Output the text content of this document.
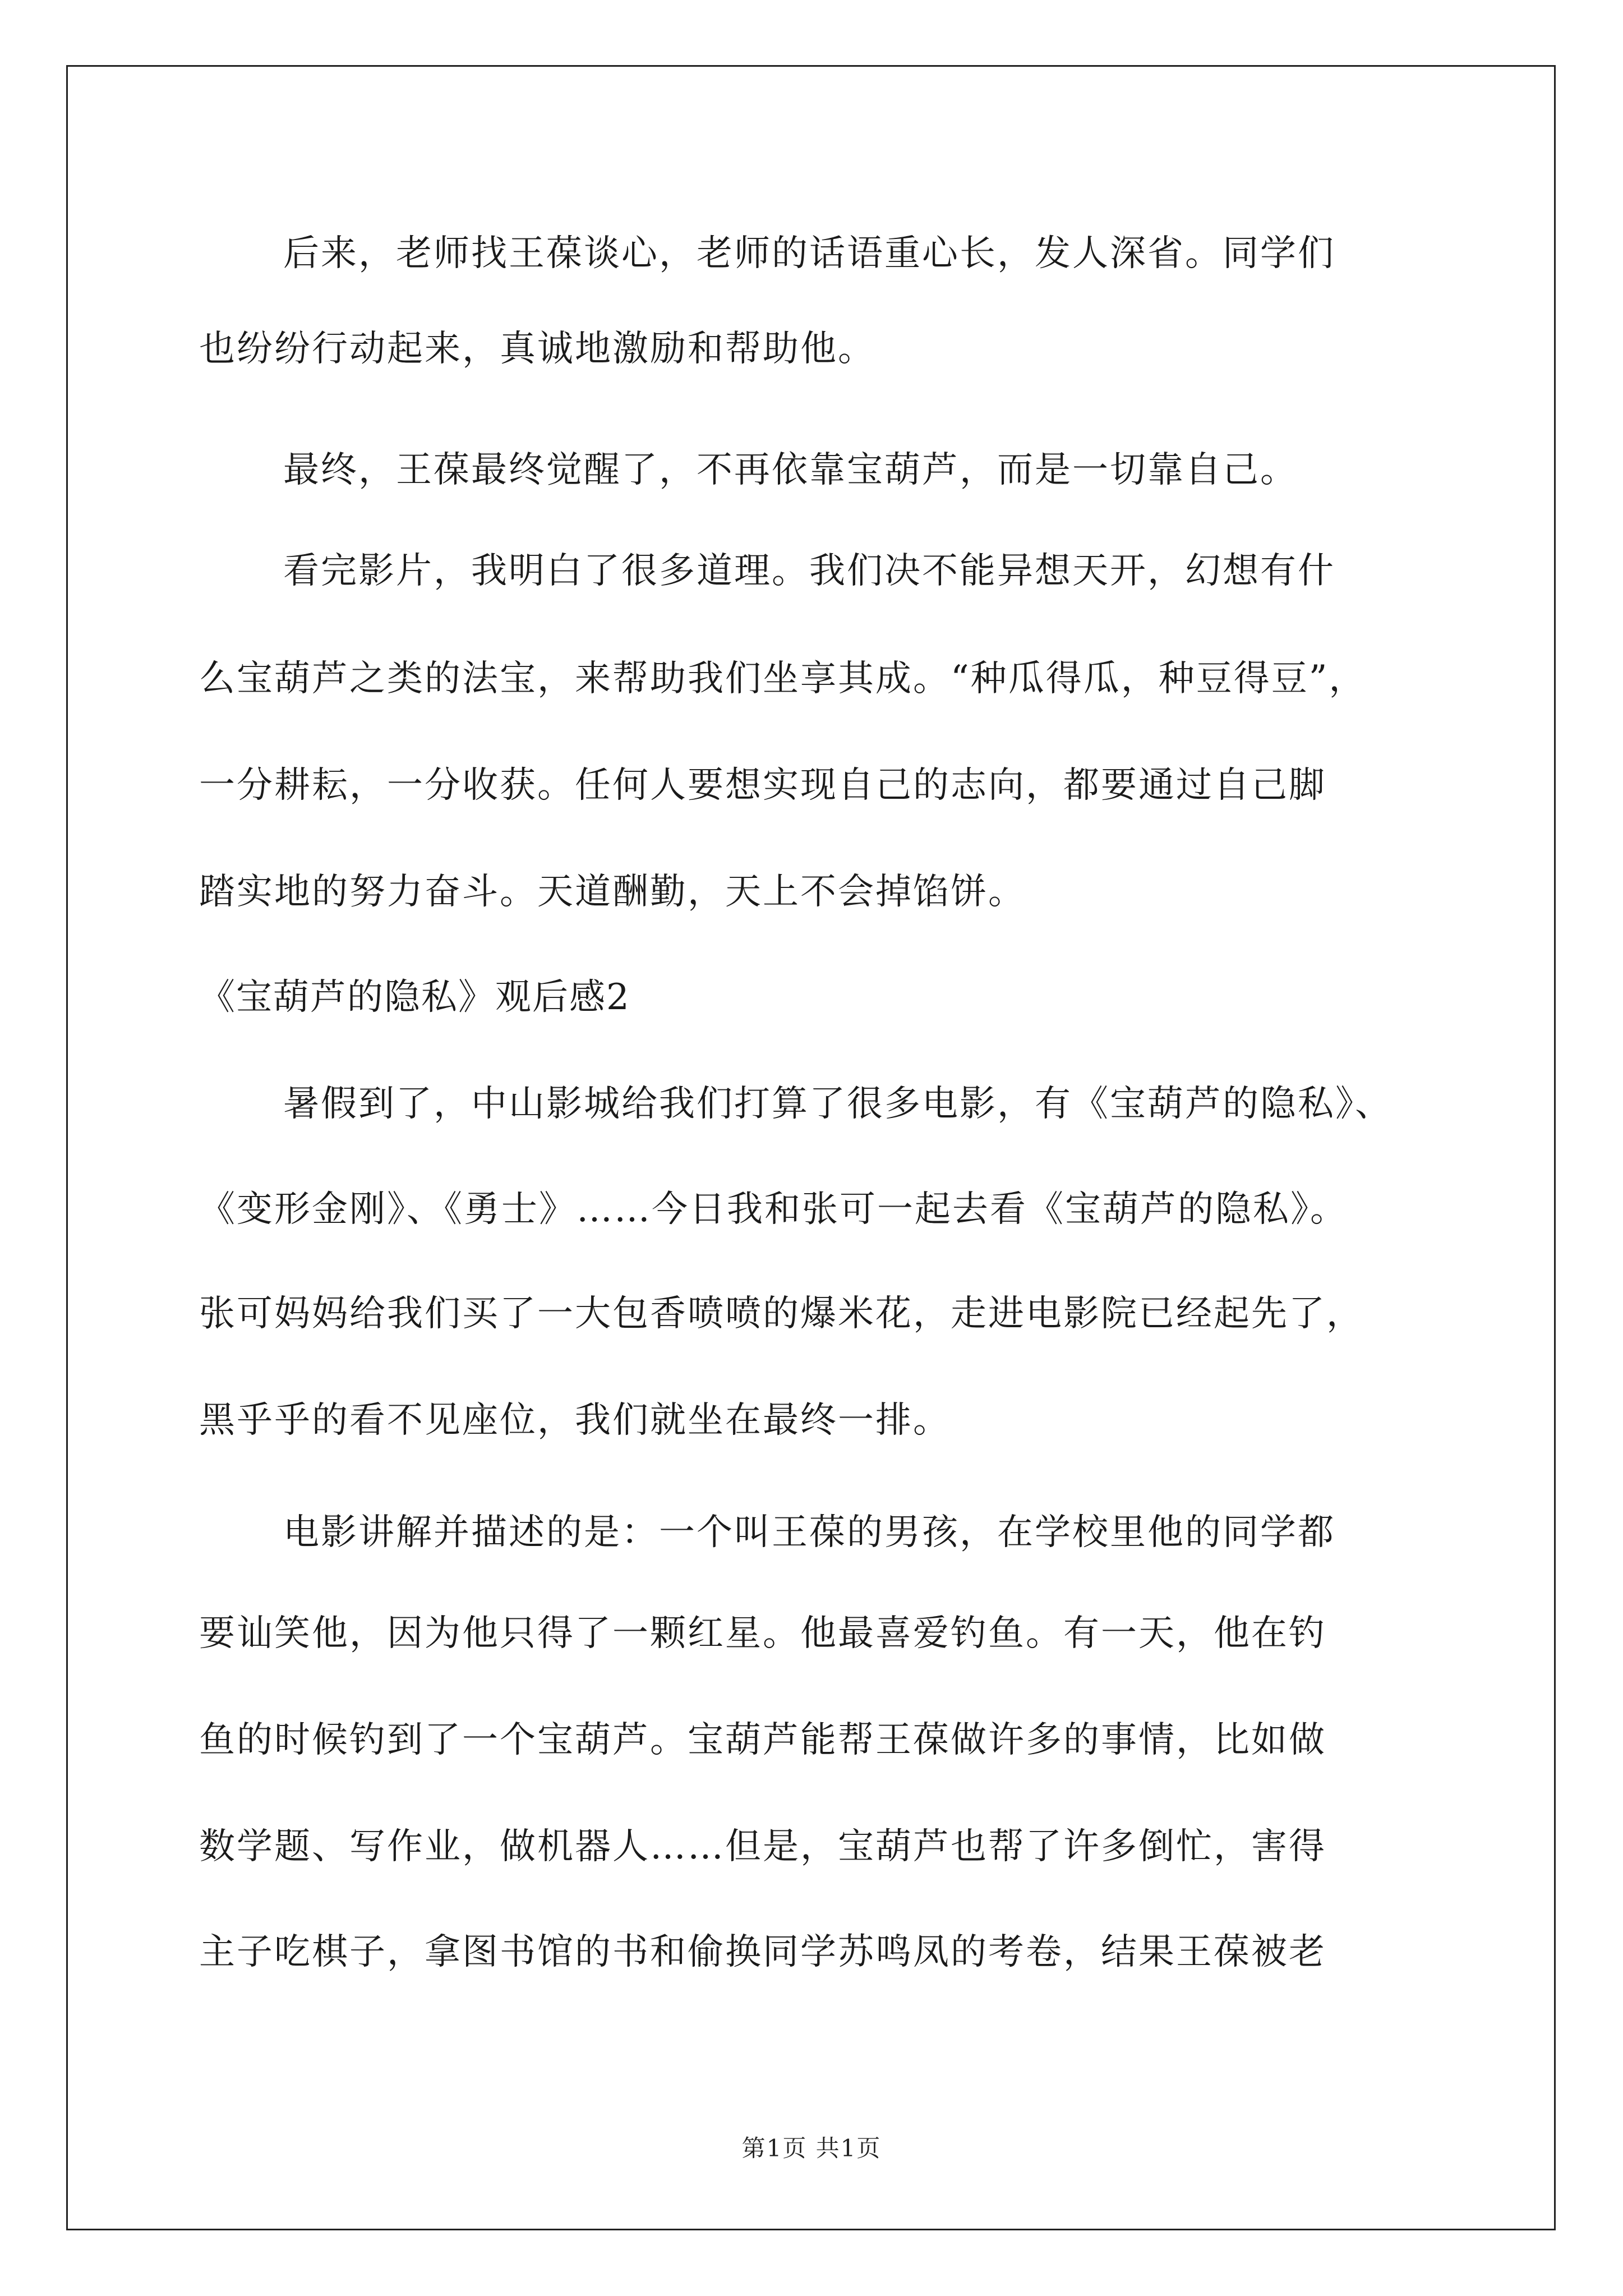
后来，老师找王葆谈心，老师的话语重心长，发人深省。同学们
也纷纷行动起来，真诚地激励和帮助他。
最终，王葆最终觉醒了，不再依靠宝葫芦，而是一切靠自己。
看完影片，我明白了很多道理。我们决不能异想天开，幻想有什
么宝葫芦之类的法宝，来帮助我们坐享其成。“种瓜得瓜，种豆得豆”，
一分耕耘，一分收获。任何人要想实现自己的志向，都要通过自己脚
踏实地的努力奋斗。天道酬勤，天上不会掉馅饼。
《宝葫芦的隐私》观后感2
暑假到了，中山影城给我们打算了很多电影，有《宝葫芦的隐私》、
《变形金刚》、《勇士》……今日我和张可一起去看《宝葫芦的隐私》。
张可妈妈给我们买了一大包香喷喷的爆米花，走进电影院已经起先了，
黑乎乎的看不见座位，我们就坐在最终一排。
电影讲解并描述的是：一个叫王葆的男孩，在学校里他的同学都
要讪笑他，因为他只得了一颗红星。他最喜爱钓鱼。有一天，他在钓
鱼的时候钓到了一个宝葫芦。宝葫芦能帮王葆做许多的事情，比如做
数学题、写作业，做机器人……但是，宝葫芦也帮了许多倒忙，害得
主子吃棋子，拿图书馆的书和偷换同学苏鸣凤的考卷，结果王葆被老
第1页 共1页
